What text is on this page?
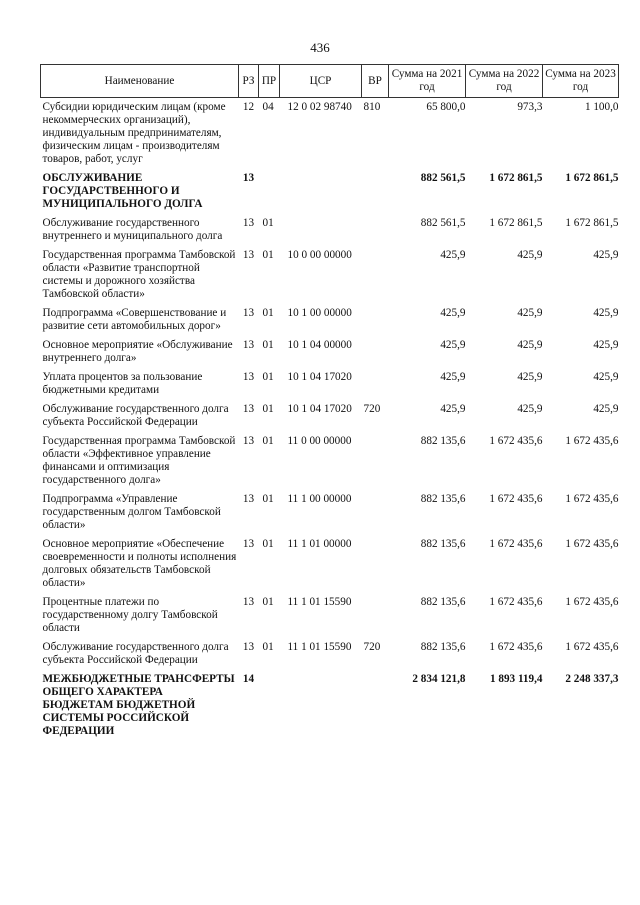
436
Наименование	РЗ	ПР	ЦСР	ВР	Сумма на 2021 год	Сумма на 2022 год	Сумма на 2023 год
Субсидии юридическим лицам (кроме некоммерческих организаций), индивидуальным предпринимателям, физическим лицам - производителям товаров, работ, услуг	12	04	12 0 02 98740	810	65 800,0	973,3	1 100,0
ОБСЛУЖИВАНИЕ ГОСУДАРСТВЕННОГО И МУНИЦИПАЛЬНОГО ДОЛГА	13				882 561,5	1 672 861,5	1 672 861,5
Обслуживание государственного внутреннего и муниципального долга	13	01			882 561,5	1 672 861,5	1 672 861,5
Государственная программа Тамбовской области «Развитие транспортной системы и дорожного хозяйства Тамбовской области»	13	01	10 0 00 00000		425,9	425,9	425,9
Подпрограмма «Совершенствование и развитие сети автомобильных дорог»	13	01	10 1 00 00000		425,9	425,9	425,9
Основное мероприятие «Обслуживание внутреннего долга»	13	01	10 1 04 00000		425,9	425,9	425,9
Уплата процентов за пользование бюджетными кредитами	13	01	10 1 04 17020		425,9	425,9	425,9
Обслуживание государственного долга субъекта Российской Федерации	13	01	10 1 04 17020	720	425,9	425,9	425,9
Государственная программа Тамбовской области «Эффективное управление финансами и оптимизация государственного долга»	13	01	11 0 00 00000		882 135,6	1 672 435,6	1 672 435,6
Подпрограмма «Управление государственным долгом Тамбовской области»	13	01	11 1 00 00000		882 135,6	1 672 435,6	1 672 435,6
Основное мероприятие «Обеспечение своевременности и полноты исполнения долговых обязательств Тамбовской области»	13	01	11 1 01 00000		882 135,6	1 672 435,6	1 672 435,6
Процентные платежи по государственному долгу Тамбовской области	13	01	11 1 01 15590		882 135,6	1 672 435,6	1 672 435,6
Обслуживание государственного долга субъекта Российской Федерации	13	01	11 1 01 15590	720	882 135,6	1 672 435,6	1 672 435,6
МЕЖБЮДЖЕТНЫЕ ТРАНСФЕРТЫ ОБЩЕГО ХАРАКТЕРА БЮДЖЕТАМ БЮДЖЕТНОЙ СИСТЕМЫ РОССИЙСКОЙ ФЕДЕРАЦИИ	14				2 834 121,8	1 893 119,4	2 248 337,3
